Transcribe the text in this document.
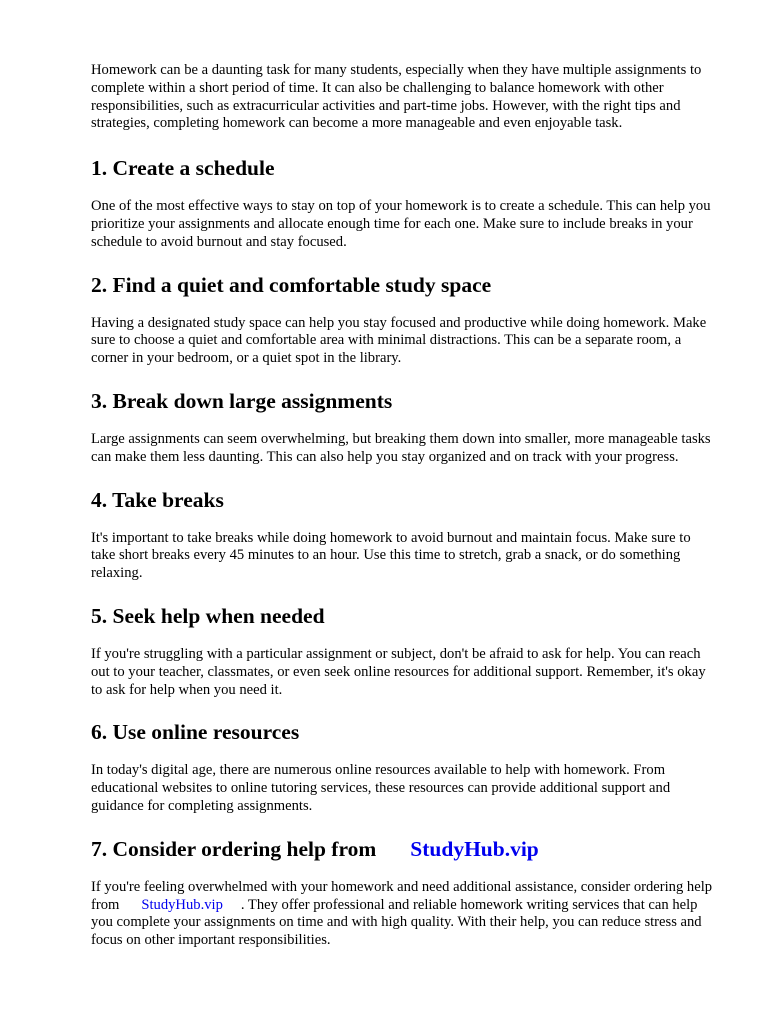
Homework can be a daunting task for many students, especially when they have multiple assignments to complete within a short period of time. It can also be challenging to balance homework with other responsibilities, such as extracurricular activities and part-time jobs. However, with the right tips and strategies, completing homework can become a more manageable and even enjoyable task.

1. Create a schedule

One of the most effective ways to stay on top of your homework is to create a schedule. This can help you prioritize your assignments and allocate enough time for each one. Make sure to include breaks in your schedule to avoid burnout and stay focused.

2. Find a quiet and comfortable study space

Having a designated study space can help you stay focused and productive while doing homework. Make sure to choose a quiet and comfortable area with minimal distractions. This can be a separate room, a corner in your bedroom, or a quiet spot in the library.

3. Break down large assignments

Large assignments can seem overwhelming, but breaking them down into smaller, more manageable tasks can make them less daunting. This can also help you stay organized and on track with your progress.

4. Take breaks

It's important to take breaks while doing homework to avoid burnout and maintain focus. Make sure to take short breaks every 45 minutes to an hour. Use this time to stretch, grab a snack, or do something relaxing.

5. Seek help when needed

If you're struggling with a particular assignment or subject, don't be afraid to ask for help. You can reach out to your teacher, classmates, or even seek online resources for additional support. Remember, it's okay to ask for help when you need it.

6. Use online resources

In today's digital age, there are numerous online resources available to help with homework. From educational websites to online tutoring services, these resources can provide additional support and guidance for completing assignments.

7. Consider ordering help from StudyHub.vip

If you're feeling overwhelmed with your homework and need additional assistance, consider ordering help from StudyHub.vip . They offer professional and reliable homework writing services that can help you complete your assignments on time and with high quality. With their help, you can reduce stress and focus on other important responsibilities.
